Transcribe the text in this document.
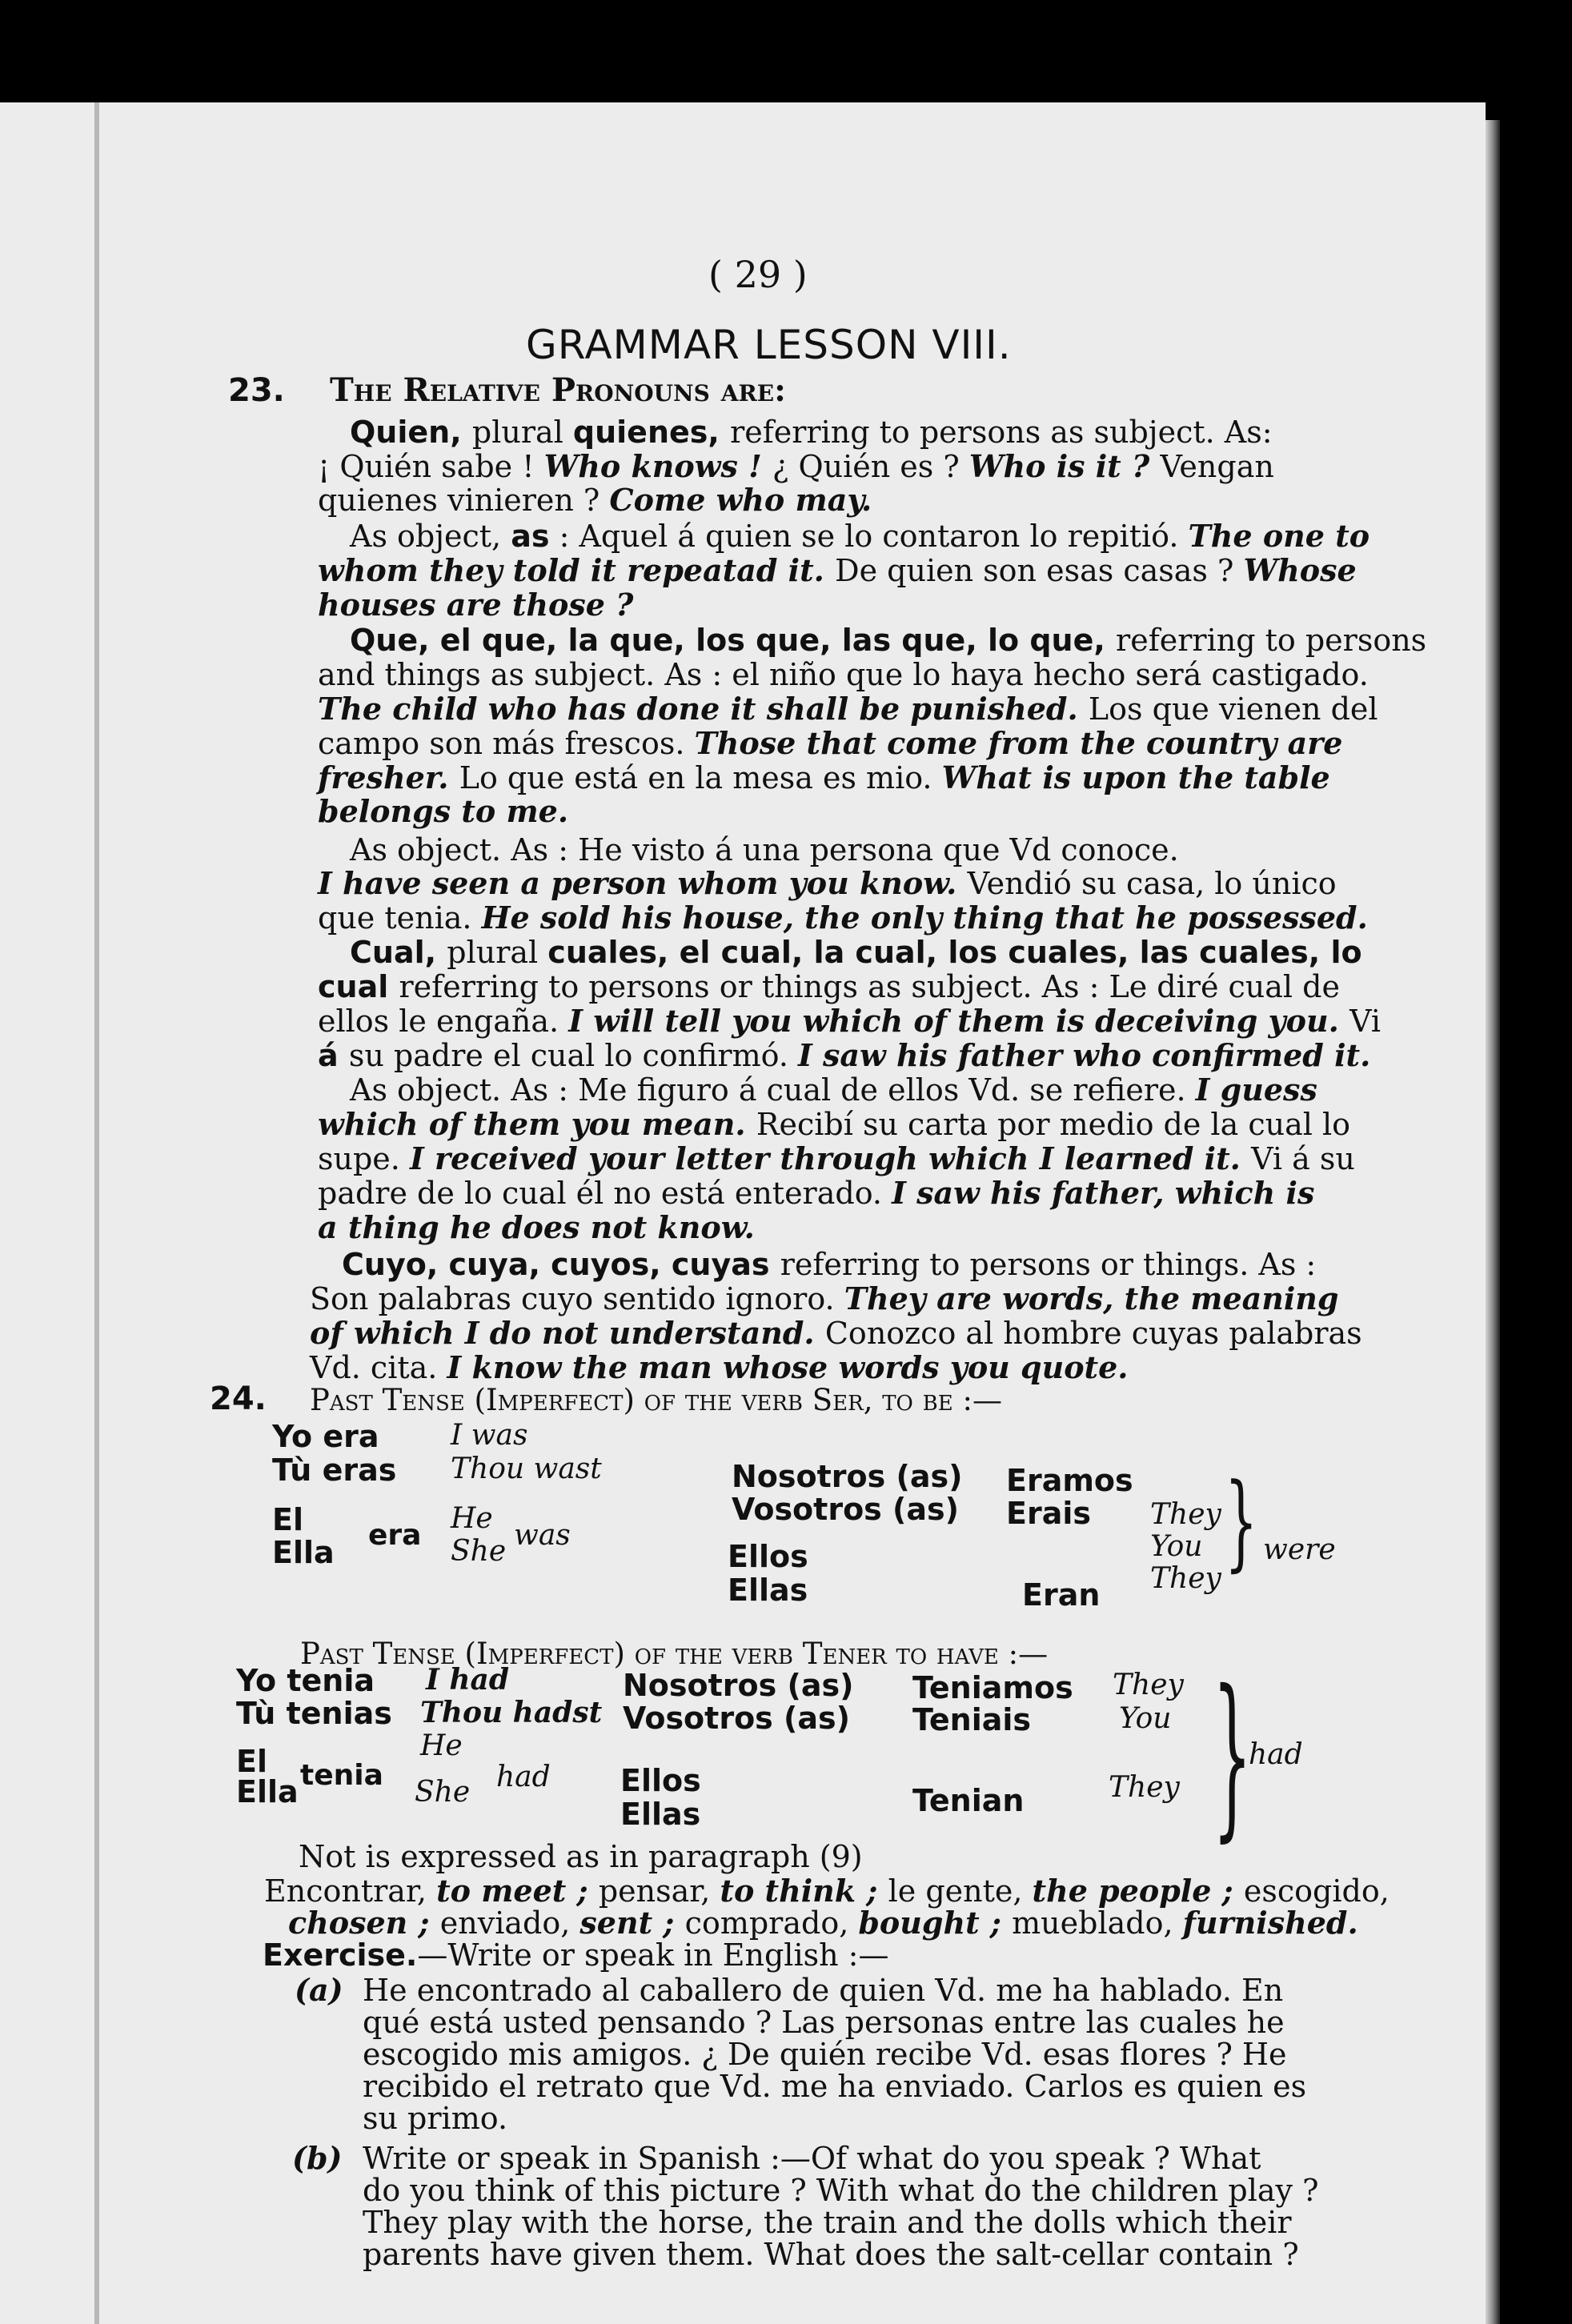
( 29 )
GRAMMAR LESSON VIII.
23. The Relative Pronouns are:
Quien, plural quienes, referring to persons as subject. As:
¡ Quién sabe ! Who knows ! ¿ Quién es ? Who is it ? Vengan
quienes vinieren ? Come who may.
As object, as : Aquel á quien se lo contaron lo repitió. The one to
whom they told it repeatad it. De quien son esas casas ? Whose
houses are those ?
Que, el que, la que, los que, las que, lo que, referring to persons
and things as subject. As : el niño que lo haya hecho será castigado.
The child who has done it shall be punished. Los que vienen del
campo son más frescos. Those that come from the country are
fresher. Lo que está en la mesa es mio. What is upon the table
belongs to me.
As object. As : He visto á una persona que Vd conoce.
I have seen a person whom you know. Vendió su casa, lo único
que tenia. He sold his house, the only thing that he possessed.
Cual, plural cuales, el cual, la cual, los cuales, las cuales, lo
cual referring to persons or things as subject. As : Le diré cual de
ellos le engaña. I will tell you which of them is deceiving you. Vi
á su padre el cual lo confirmó. I saw his father who confirmed it.
As object. As : Me figuro á cual de ellos Vd. se refiere. I guess
which of them you mean. Recibí su carta por medio de la cual lo
supe. I received your letter through which I learned it. Vi á su
padre de lo cual él no está enterado. I saw his father, which is
a thing he does not know.
Cuyo, cuya, cuyos, cuyas referring to persons or things. As :
Son palabras cuyo sentido ignoro. They are words, the meaning
of which I do not understand. Conozco al hombre cuyas palabras
Vd. cita. I know the man whose words you quote.
24. Past Tense (Imperfect) of the verb Ser, to be :—
Yo era I was
Tù eras Thou wast
El
Ella era
He
She was
Nosotros (as) Eramos
Vosotros (as) Erais
Ellos
Ellas	Eran
They
You
They } were
Past Tense (Imperfect) of the verb Tener to have :—
Yo tenia I had
Tù tenias Thou hadst
El
Ella tenia
He
She had
Nosotros (as) Teniamos
Vosotros (as) Teniais
Ellos
Ellas	Tenian
They
You
They }
had
Not is expressed as in paragraph (9)
Encontrar, to meet ; pensar, to think ; le gente, the people ; escogido,
chosen ; enviado, sent ; comprado, bought ; mueblado, furnished.
Exercise.—Write or speak in English :—
(a) He encontrado al caballero de quien Vd. me ha hablado. En
qué está usted pensando ? Las personas entre las cuales he
escogido mis amigos. ¿ De quién recibe Vd. esas flores ? He
recibido el retrato que Vd. me ha enviado. Carlos es quien es
su primo.
(b) Write or speak in Spanish :—Of what do you speak ? What
do you think of this picture ? With what do the children play ?
They play with the horse, the train and the dolls which their
parents have given them. What does the salt-cellar contain ?
